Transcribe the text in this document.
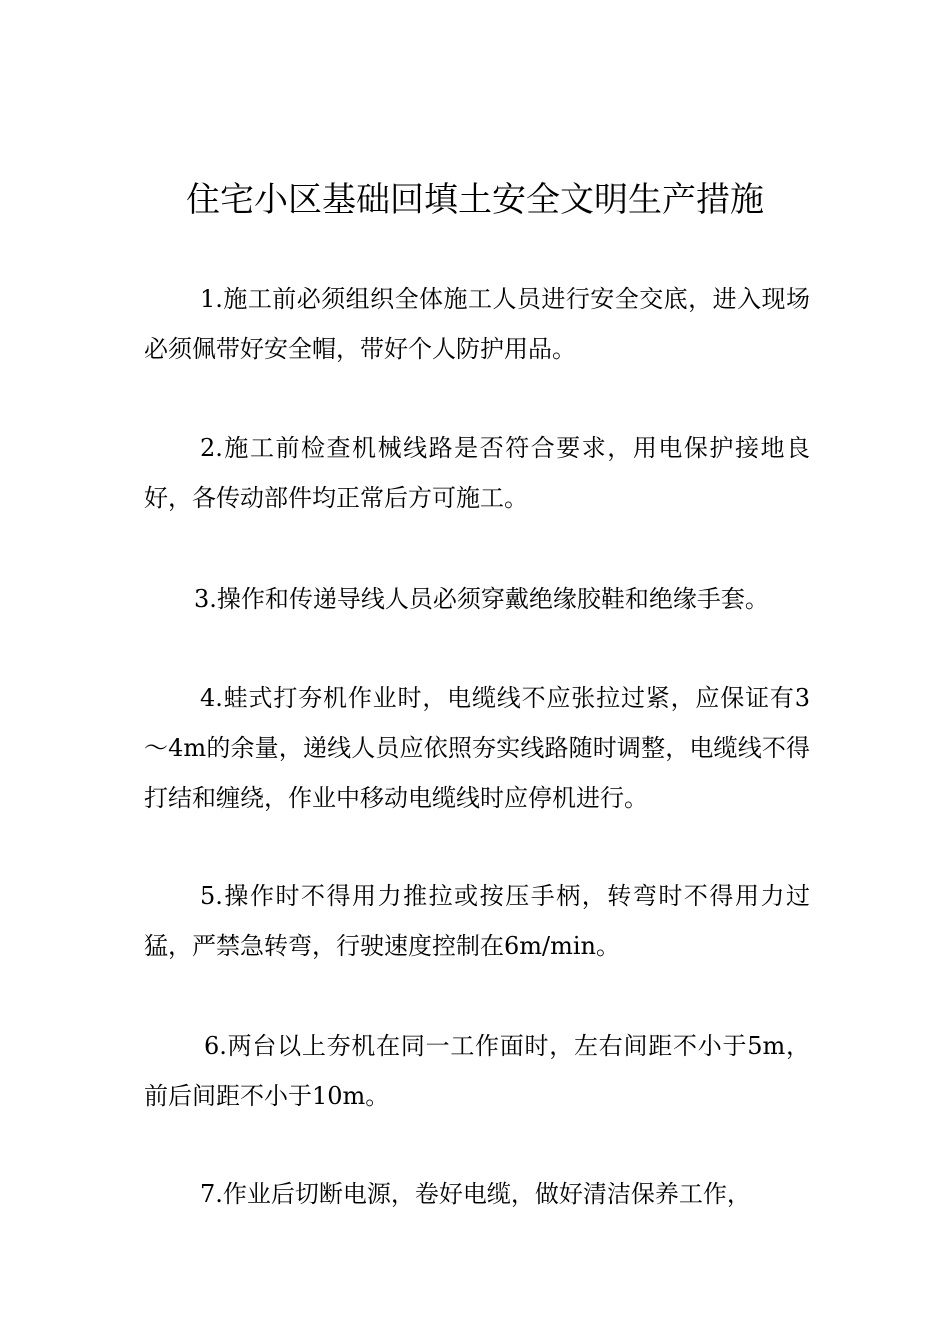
住宅小区基础回填土安全文明生产措施

1.施工前必须组织全体施工人员进行安全交底，进入现场必须佩带好安全帽，带好个人防护用品。

2.施工前检查机械线路是否符合要求，用电保护接地良好，各传动部件均正常后方可施工。

3.操作和传递导线人员必须穿戴绝缘胶鞋和绝缘手套。

4.蛙式打夯机作业时，电缆线不应张拉过紧，应保证有3～4m的余量，递线人员应依照夯实线路随时调整，电缆线不得打结和缠绕，作业中移动电缆线时应停机进行。

5.操作时不得用力推拉或按压手柄，转弯时不得用力过猛，严禁急转弯，行驶速度控制在6m/min。

6.两台以上夯机在同一工作面时，左右间距不小于5m，前后间距不小于10m。

7.作业后切断电源，卷好电缆，做好清洁保养工作，
